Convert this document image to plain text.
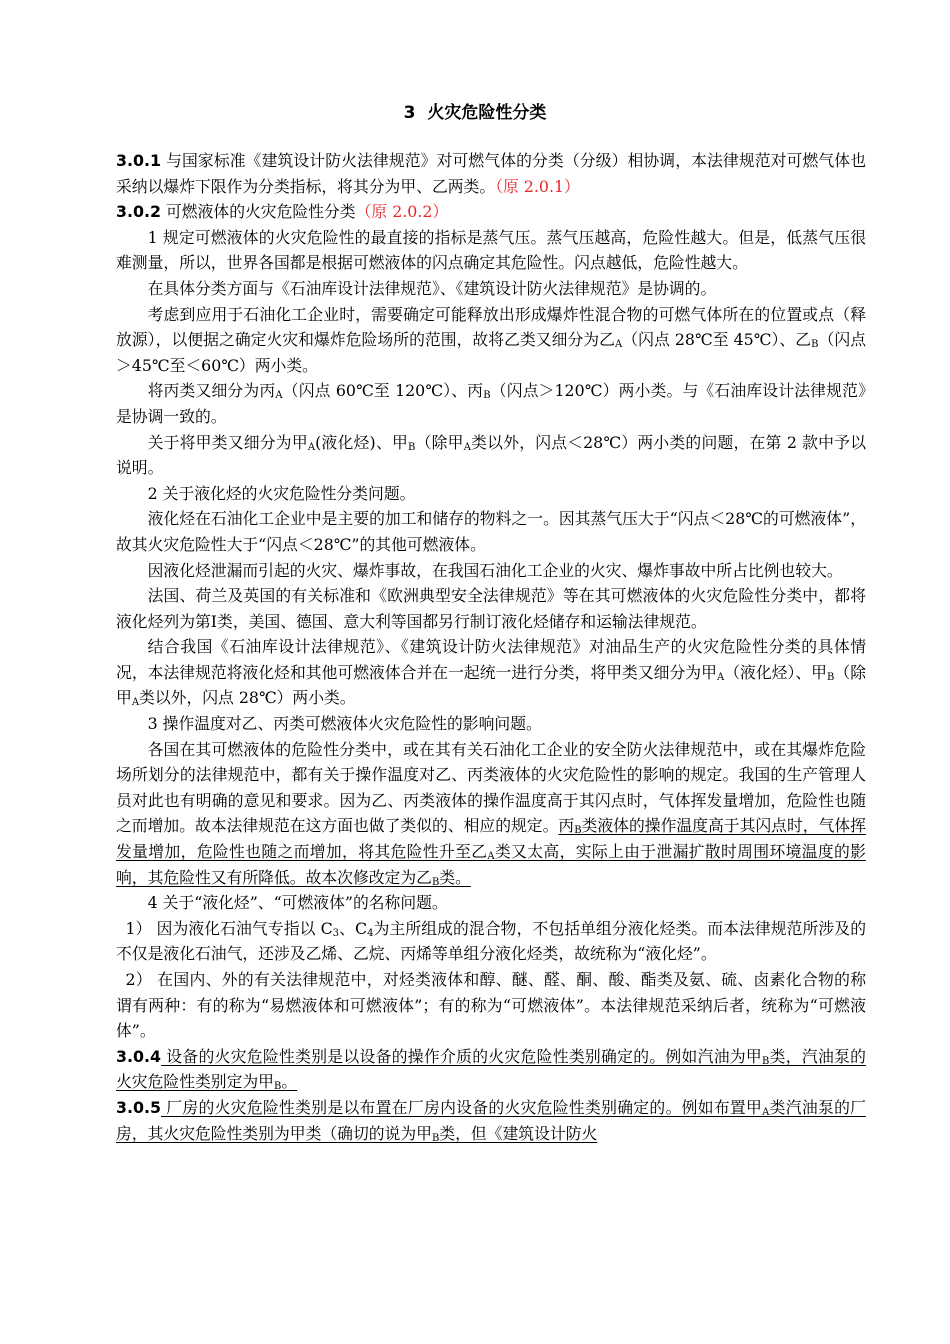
3  火灾危险性分类

3.0.1 与国家标准《建筑设计防火法律规范》对可燃气体的分类（分级）相协调，本法律规范对可燃气体也采纳以爆炸下限作为分类指标，将其分为甲、乙两类。（原 2.0.1）

3.0.2 可燃液体的火灾危险性分类（原 2.0.2）

1 规定可燃液体的火灾危险性的最直接的指标是蒸气压。蒸气压越高，危险性越大。但是，低蒸气压很难测量，所以，世界各国都是根据可燃液体的闪点确定其危险性。闪点越低，危险性越大。

在具体分类方面与《石油库设计法律规范》、《建筑设计防火法律规范》是协调的。

考虑到应用于石油化工企业时，需要确定可能释放出形成爆炸性混合物的可燃气体所在的位置或点（释放源），以便据之确定火灾和爆炸危险场所的范围，故将乙类又细分为乙$_A$（闪点 28℃至 45℃）、乙$_B$（闪点＞45℃至＜60℃）两小类。

将丙类又细分为丙$_A$（闪点 60℃至 120℃）、丙$_B$（闪点＞120℃）两小类。与《石油库设计法律规范》是协调一致的。

关于将甲类又细分为甲$_A$(液化烃)、甲$_B$（除甲$_A$类以外，闪点＜28℃）两小类的问题，在第 2 款中予以说明。

2 关于液化烃的火灾危险性分类问题。

液化烃在石油化工企业中是主要的加工和储存的物料之一。因其蒸气压大于“闪点＜28℃的可燃液体”，故其火灾危险性大于“闪点＜28℃”的其他可燃液体。

因液化烃泄漏而引起的火灾、爆炸事故，在我国石油化工企业的火灾、爆炸事故中所占比例也较大。

法国、荷兰及英国的有关标准和《欧洲典型安全法律规范》等在其可燃液体的火灾危险性分类中，都将液化烃列为第Ⅰ类，美国、德国、意大利等国都另行制订液化烃储存和运输法律规范。

结合我国《石油库设计法律规范》、《建筑设计防火法律规范》对油品生产的火灾危险性分类的具体情况，本法律规范将液化烃和其他可燃液体合并在一起统一进行分类，将甲类又细分为甲$_A$（液化烃）、甲$_B$（除甲$_A$类以外，闪点 28℃）两小类。

3 操作温度对乙、丙类可燃液体火灾危险性的影响问题。

各国在其可燃液体的危险性分类中，或在其有关石油化工企业的安全防火法律规范中，或在其爆炸危险场所划分的法律规范中，都有关于操作温度对乙、丙类液体的火灾危险性的影响的规定。我国的生产管理人员对此也有明确的意见和要求。因为乙、丙类液体的操作温度高于其闪点时，气体挥发量增加，危险性也随之而增加。故本法律规范在这方面也做了类似的、相应的规定。丙$_B$类液体的操作温度高于其闪点时，气体挥发量增加，危险性也随之而增加，将其危险性升至乙$_A$类又太高，实际上由于泄漏扩散时周围环境温度的影响，其危险性又有所降低。故本次修改定为乙$_B$类。

4 关于“液化烃”、“可燃液体”的名称问题。

1） 因为液化石油气专指以 $C_3$、$C_4$为主所组成的混合物，不包括单组分液化烃类。而本法律规范所涉及的不仅是液化石油气，还涉及乙烯、乙烷、丙烯等单组分液化烃类，故统称为“液化烃”。

2） 在国内、外的有关法律规范中，对烃类液体和醇、醚、醛、酮、酸、酯类及氨、硫、卤素化合物的称谓有两种：有的称为“易燃液体和可燃液体”；有的称为“可燃液体”。本法律规范采纳后者，统称为“可燃液体”。

3.0.4 设备的火灾危险性类别是以设备的操作介质的火灾危险性类别确定的。例如汽油为甲$_B$类，汽油泵的火灾危险性类别定为甲$_B$。

3.0.5 厂房的火灾危险性类别是以布置在厂房内设备的火灾危险性类别确定的。例如布置甲$_A$类汽油泵的厂房，其火灾危险性类别为甲类（确切的说为甲$_B$类，但《建筑设计防火
